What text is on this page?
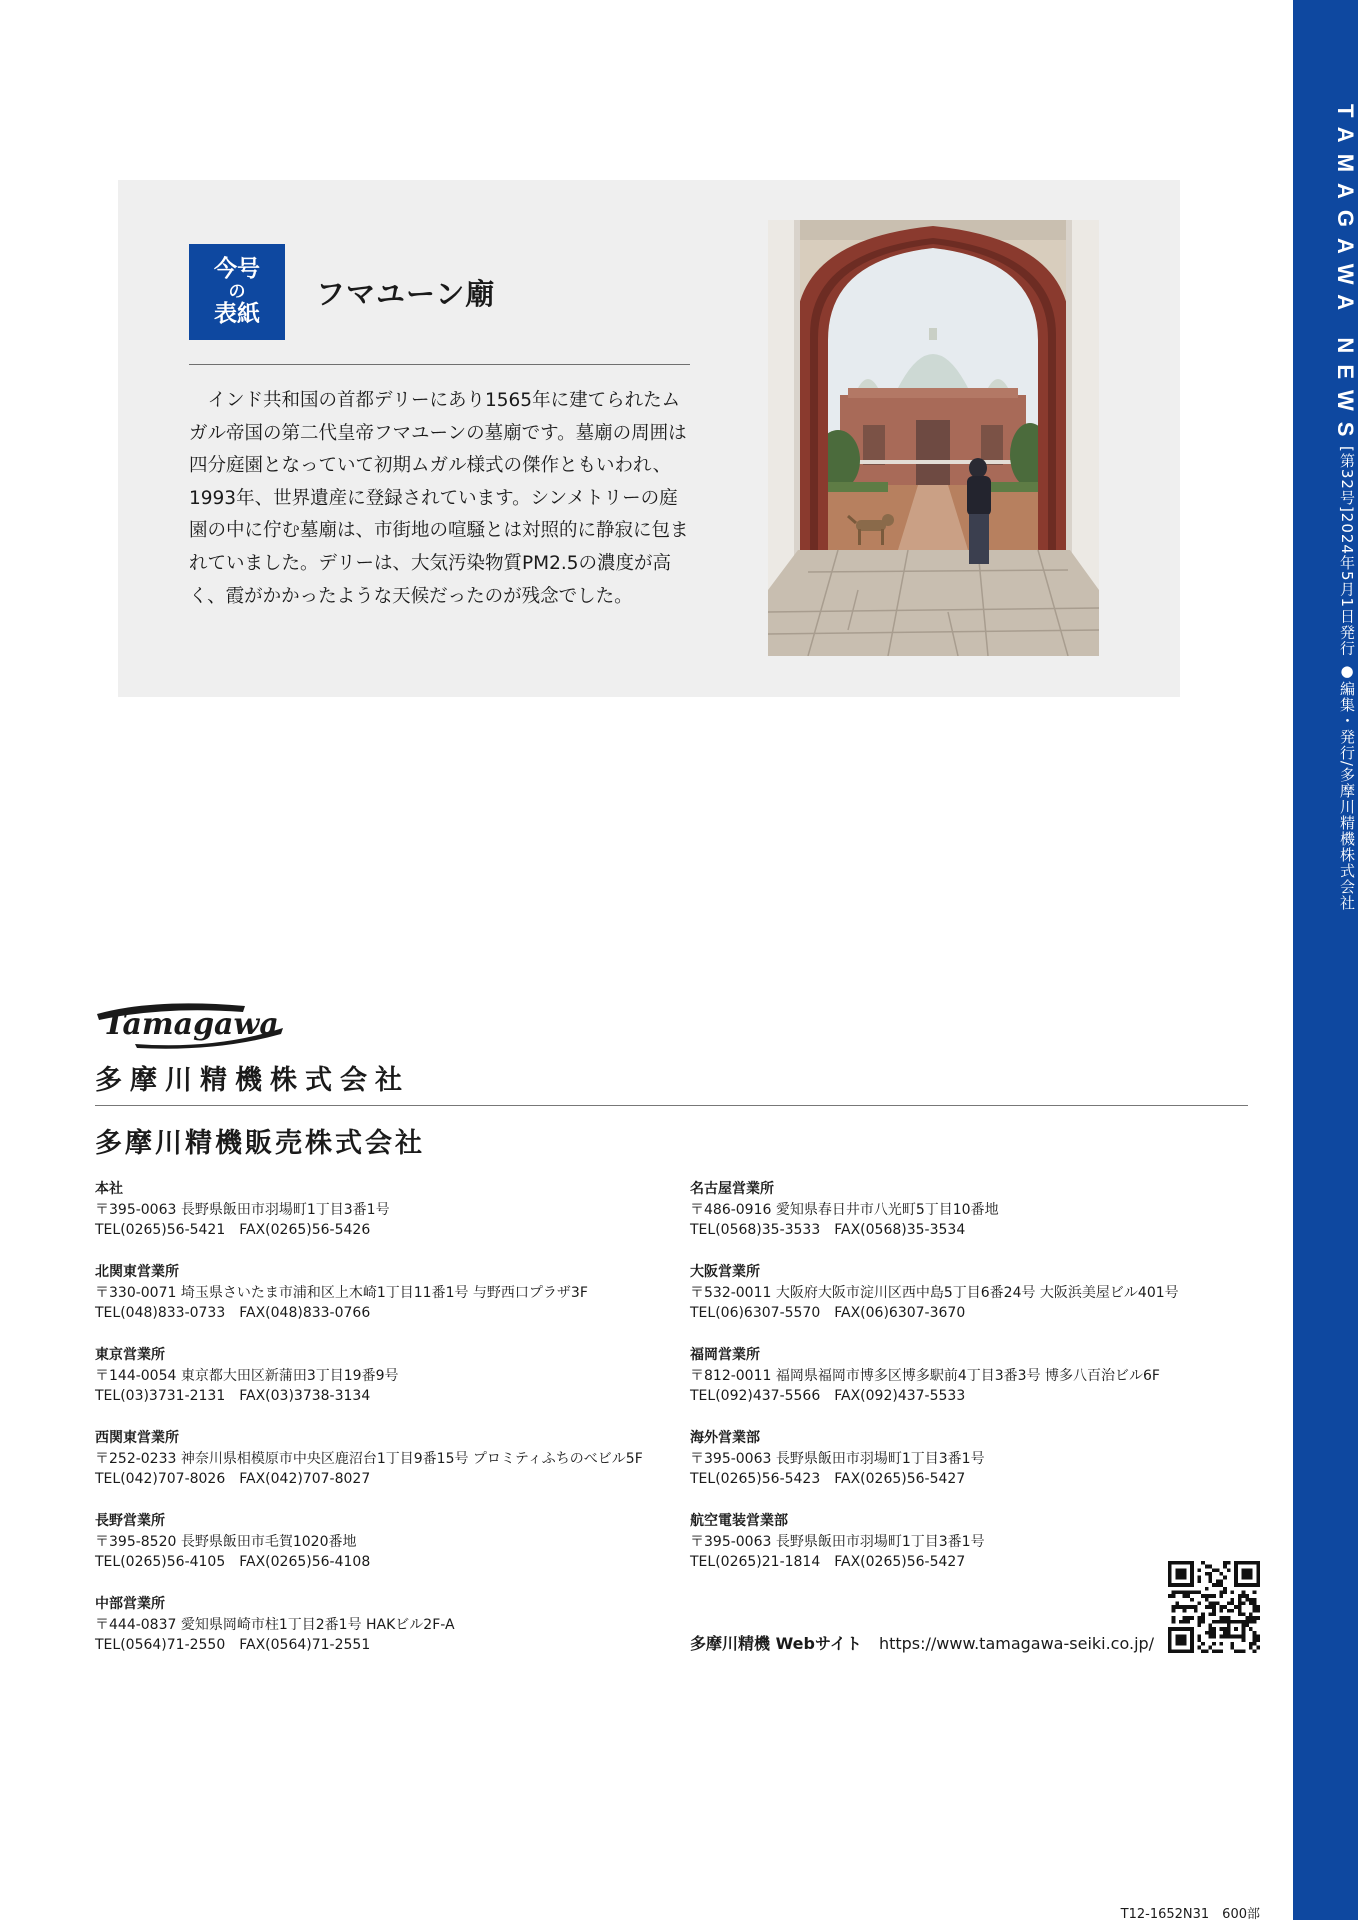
TAMAGAWA NEWS
[第32号]2024年5月1日発行 ●編集・発行/多摩川精機株式会社
今号
の
表紙
フマユーン廟
インド共和国の首都デリーにあり1565年に建てられたムガル帝国の第二代皇帝フマユーンの墓廟です。墓廟の周囲は四分庭園となっていて初期ムガル様式の傑作ともいわれ、1993年、世界遺産に登録されています。シンメトリーの庭園の中に佇む墓廟は、市街地の喧騒とは対照的に静寂に包まれていました。デリーは、大気汚染物質PM2.5の濃度が高く、霞がかかったような天候だったのが残念でした。
Tamagawa
多摩川精機株式会社
多摩川精機販売株式会社
本社
〒395-0063 長野県飯田市羽場町1丁目3番1号
TEL(0265)56-5421　FAX(0265)56-5426
北関東営業所
〒330-0071 埼玉県さいたま市浦和区上木崎1丁目11番1号 与野西口プラザ3F
TEL(048)833-0733　FAX(048)833-0766
東京営業所
〒144-0054 東京都大田区新蒲田3丁目19番9号
TEL(03)3731-2131　FAX(03)3738-3134
西関東営業所
〒252-0233 神奈川県相模原市中央区鹿沼台1丁目9番15号 プロミティふちのべビル5F
TEL(042)707-8026　FAX(042)707-8027
長野営業所
〒395-8520 長野県飯田市毛賀1020番地
TEL(0265)56-4105　FAX(0265)56-4108
中部営業所
〒444-0837 愛知県岡崎市柱1丁目2番1号 HAKビル2F-A
TEL(0564)71-2550　FAX(0564)71-2551
名古屋営業所
〒486-0916 愛知県春日井市八光町5丁目10番地
TEL(0568)35-3533　FAX(0568)35-3534
大阪営業所
〒532-0011 大阪府大阪市淀川区西中島5丁目6番24号 大阪浜美屋ビル401号
TEL(06)6307-5570　FAX(06)6307-3670
福岡営業所
〒812-0011 福岡県福岡市博多区博多駅前4丁目3番3号 博多八百治ビル6F
TEL(092)437-5566　FAX(092)437-5533
海外営業部
〒395-0063 長野県飯田市羽場町1丁目3番1号
TEL(0265)56-5423　FAX(0265)56-5427
航空電装営業部
〒395-0063 長野県飯田市羽場町1丁目3番1号
TEL(0265)21-1814　FAX(0265)56-5427
多摩川精機 Webサイト https://www.tamagawa-seiki.co.jp/
T12-1652N31　600部
